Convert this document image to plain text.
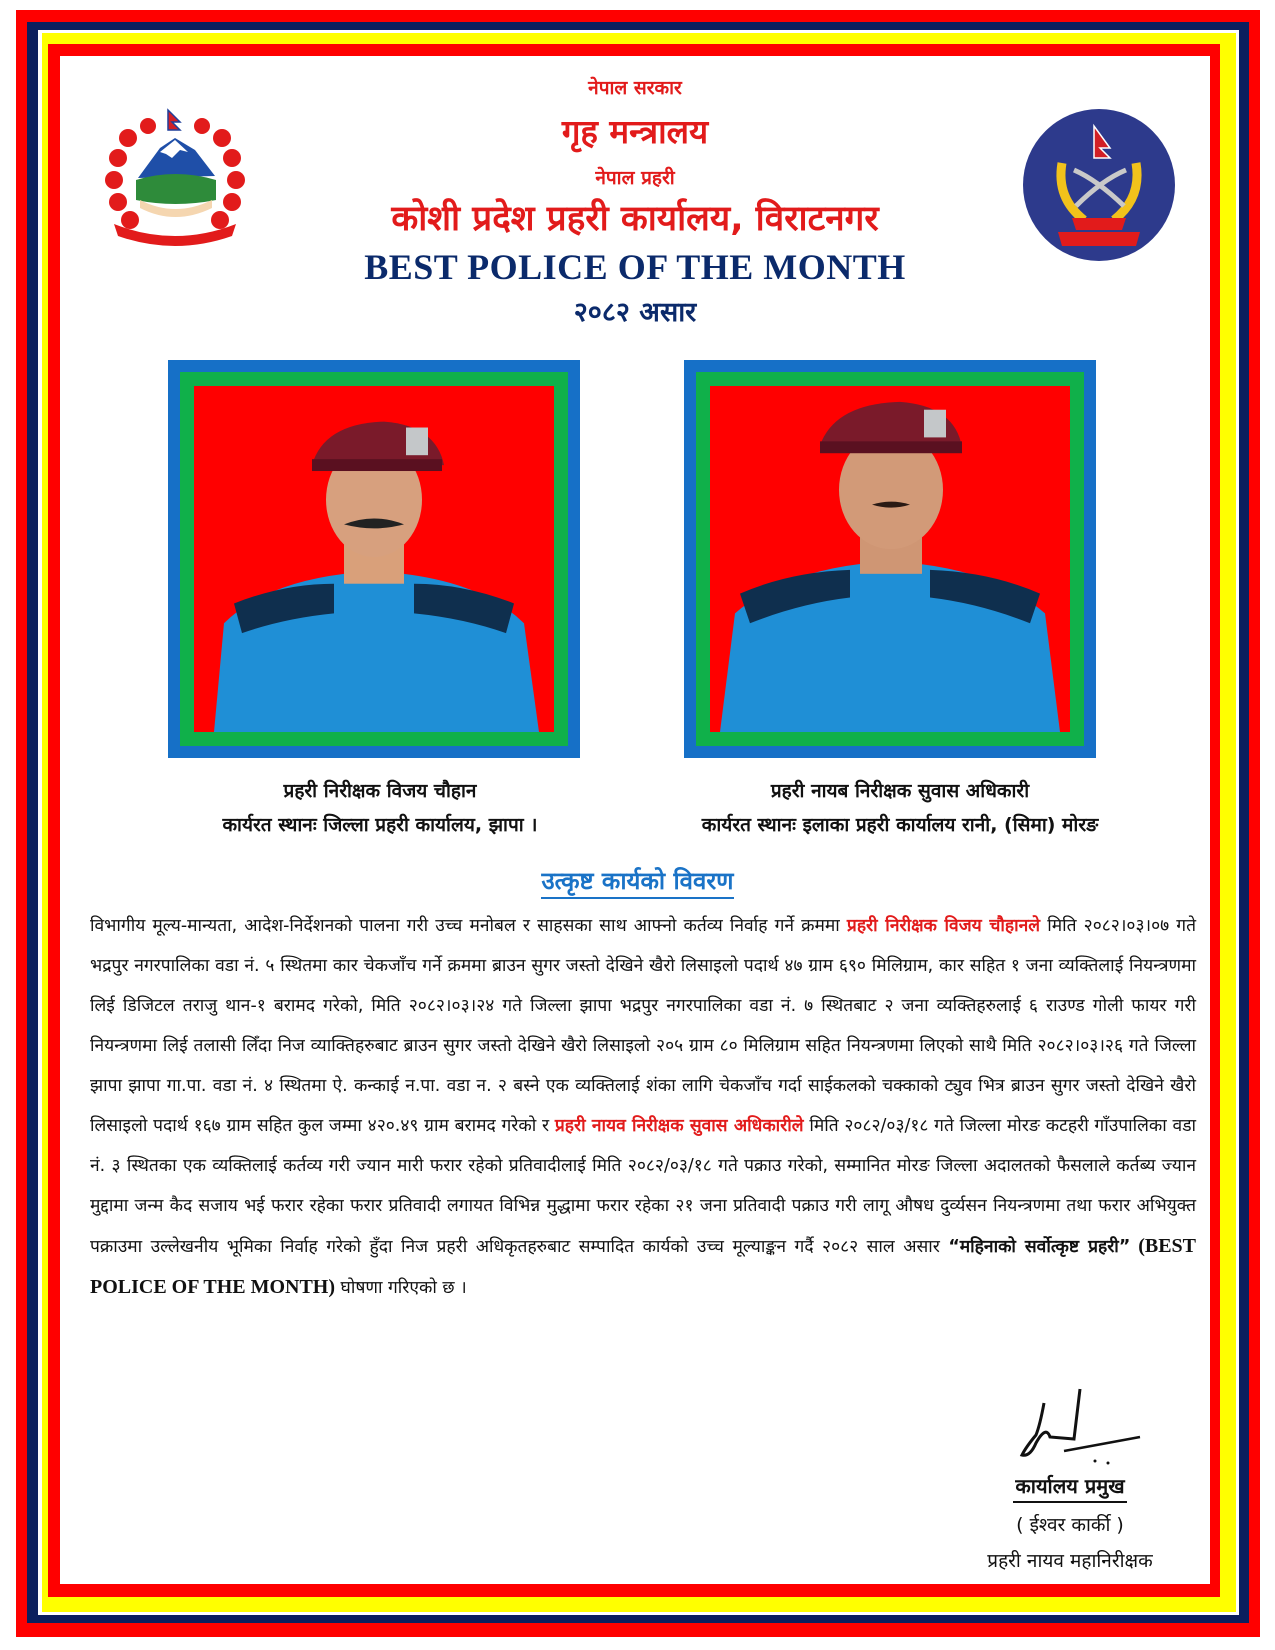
नेपाल सरकार
गृह मन्त्रालय
नेपाल प्रहरी
कोशी प्रदेश प्रहरी कार्यालय, विराटनगर
BEST POLICE OF THE MONTH
२०८२ असार
प्रहरी निरीक्षक विजय चौहान
कार्यरत स्थानः जिल्ला प्रहरी कार्यालय, झापा ।
प्रहरी नायब निरीक्षक सुवास अधिकारी
कार्यरत स्थानः इलाका प्रहरी कार्यालय रानी, (सिमा) मोरङ
उत्कृष्ट कार्यको विवरण
विभागीय मूल्य-मान्यता, आदेश-निर्देशनको पालना गरी उच्च मनोबल र साहसका साथ आफ्नो कर्तव्य निर्वाह गर्ने क्रममा प्रहरी निरीक्षक विजय चौहानले मिति २०८२।०३।०७ गते भद्रपुर नगरपालिका वडा नं. ५ स्थितमा कार चेकजाँच गर्ने क्रममा ब्राउन सुगर जस्तो देखिने खैरो लिसाइलो पदार्थ ४७ ग्राम ६९० मिलिग्राम, कार सहित १ जना व्यक्तिलाई नियन्त्रणमा लिई डिजिटल तराजु थान-१ बरामद गरेको, मिति २०८२।०३।२४ गते जिल्ला झापा भद्रपुर नगरपालिका वडा नं. ७ स्थितबाट २ जना व्यक्तिहरुलाई ६ राउण्ड गोली फायर गरी नियन्त्रणमा लिई तलासी लिँदा निज व्याक्तिहरुबाट ब्राउन सुगर जस्तो देखिने खैरो लिसाइलो २०५ ग्राम ८० मिलिग्राम सहित नियन्त्रणमा लिएको साथै मिति २०८२।०३।२६ गते जिल्ला झापा झापा गा.पा. वडा नं. ४ स्थितमा ऐ. कन्काई न.पा. वडा न. २ बस्ने एक व्यक्तिलाई शंका लागि चेकजाँच गर्दा साईकलको चक्काको ट्युव भित्र ब्राउन सुगर जस्तो देखिने खैरो लिसाइलो पदार्थ १६७ ग्राम सहित कुल जम्मा ४२०.४९ ग्राम बरामद गरेको र प्रहरी नायव निरीक्षक सुवास अधिकारीले मिति २०८२/०३/१८ गते जिल्ला मोरङ कटहरी गाँउपालिका वडा नं. ३ स्थितका एक व्यक्तिलाई कर्तव्य गरी ज्यान मारी फरार रहेको प्रतिवादीलाई मिति २०८२/०३/१८ गते पक्राउ गरेको, सम्मानित मोरङ जिल्ला अदालतको फैसलाले कर्तब्य ज्यान मुद्दामा जन्म कैद सजाय भई फरार रहेका फरार प्रतिवादी लगायत विभिन्न मुद्धामा फरार रहेका २१ जना प्रतिवादी पक्राउ गरी लागू औषध दुर्व्यसन नियन्त्रणमा तथा फरार अभियुक्त पक्राउमा उल्लेखनीय भूमिका निर्वाह गरेको हुँदा निज प्रहरी अधिकृतहरुबाट सम्पादित कार्यको उच्च मूल्याङ्कन गर्दै २०८२ साल असार “महिनाको सर्वोत्कृष्ट प्रहरी” (BEST POLICE OF THE MONTH) घोषणा गरिएको छ ।
कार्यालय प्रमुख
( ईश्वर कार्की )
प्रहरी नायव महानिरीक्षक
